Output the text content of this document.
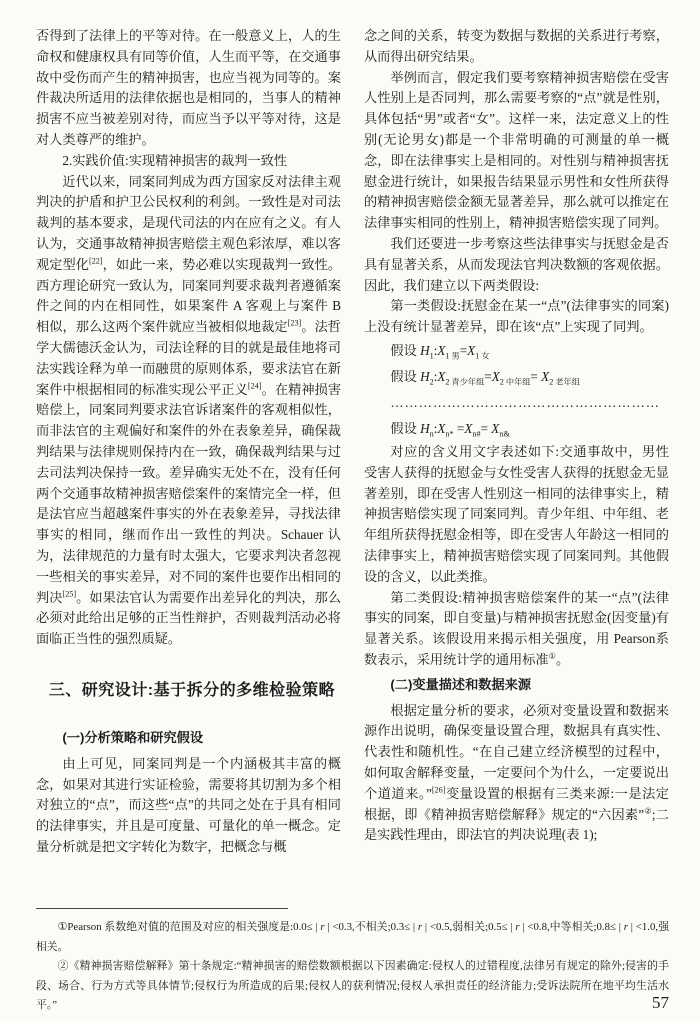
否得到了法律上的平等对待。在一般意义上，人的生命权和健康权具有同等价值，人生而平等，在交通事故中受伤而产生的精神损害，也应当视为同等的。案件裁决所适用的法律依据也是相同的，当事人的精神损害不应当被差别对待，而应当予以平等对待，这是对人类尊严的维护。

2.实践价值:实现精神损害的裁判一致性

近代以来，同案同判成为西方国家反对法律主观判决的护盾和护卫公民权利的利剑。一致性是对司法裁判的基本要求，是现代司法的内在应有之义。有人认为，交通事故精神损害赔偿主观色彩浓厚，难以客观定型化[22]，如此一来，势必难以实现裁判一致性。西方理论研究一致认为，同案同判要求裁判者遵循案件之间的内在相同性，如果案件 A 客观上与案件 B 相似，那么这两个案件就应当被相似地裁定[23]。法哲学大儒德沃金认为，司法诠释的目的就是最佳地将司法实践诠释为单一而融贯的原则体系，要求法官在新案件中根据相同的标准实现公平正义[24]。在精神损害赔偿上，同案同判要求法官诉诸案件的客观相似性，而非法官的主观偏好和案件的外在表象差异，确保裁判结果与法律规则保持内在一致，确保裁判结果与过去司法判决保持一致。差异确实无处不在，没有任何两个交通事故精神损害赔偿案件的案情完全一样，但是法官应当超越案件事实的外在表象差异，寻找法律事实的相同，继而作出一致性的判决。Schauer 认为，法律规范的力量有时太强大，它要求判决者忽视一些相关的事实差异，对不同的案件也要作出相同的判决[25]。如果法官认为需要作出差异化的判决，那么必须对此给出足够的正当性辩护，否则裁判活动必将面临正当性的强烈质疑。

三、研究设计:基于拆分的多维检验策略
(一)分析策略和研究假设

由上可见，同案同判是一个内涵极其丰富的概念，如果对其进行实证检验，需要将其切割为多个相对独立的“点”，而这些“点”的共同之处在于具有相同的法律事实，并且是可度量、可量化的单一概念。定量分析就是把文字转化为数字，把概念与概

念之间的关系，转变为数据与数据的关系进行考察，从而得出研究结果。

举例而言，假定我们要考察精神损害赔偿在受害人性别上是否同判，那么需要考察的“点”就是性别，具体包括“男”或者“女”。这样一来，法定意义上的性别(无论男女)都是一个非常明确的可测量的单一概念，即在法律事实上是相同的。对性别与精神损害抚慰金进行统计，如果报告结果显示男性和女性所获得的精神损害赔偿金额无显著差异，那么就可以推定在法律事实相同的性别上，精神损害赔偿实现了同判。

我们还要进一步考察这些法律事实与抚慰金是否具有显著关系，从而发现法官判决数额的客观依据。因此，我们建立以下两类假设:

第一类假设:抚慰金在某一“点”(法律事实的同案)上没有统计显著差异，即在该“点”上实现了同判。

假设 $H_1:X_{1 男}=X_{1 女}$
假设 $H_2:X_{2 青少年组}=X_{2 中年组}= X_{2 老年组}$
…………………………………………………
假设 $H_n:X_{n*} =X_{n\#}= X_{n\&}$

对应的含义用文字表述如下:交通事故中，男性受害人获得的抚慰金与女性受害人获得的抚慰金无显著差别，即在受害人性别这一相同的法律事实上，精神损害赔偿实现了同案同判。青少年组、中年组、老年组所获得抚慰金相等，即在受害人年龄这一相同的法律事实上，精神损害赔偿实现了同案同判。其他假设的含义，以此类推。

第二类假设:精神损害赔偿案件的某一“点”(法律事实的同案，即自变量)与精神损害抚慰金(因变量)有显著关系。该假设用来揭示相关强度，用 Pearson系数表示，采用统计学的通用标准①。

(二)变量描述和数据来源

根据定量分析的要求，必须对变量设置和数据来源作出说明，确保变量设置合理，数据具有真实性、代表性和随机性。“在自己建立经济模型的过程中，如何取舍解释变量，一定要问个为什么，一定要说出个道道来。”[26]变量设置的根据有三类来源:一是法定根据，即《精神损害赔偿解释》规定的“六因素”②;二是实践性理由，即法官的判决说理(表 1);

①Pearson 系数绝对值的范围及对应的相关强度是:0.0≤ | r | <0.3,不相关;0.3≤ | r | <0.5,弱相关;0.5≤ | r | <0.8,中等相关;0.8≤ | r | <1.0,强相关。

②《精神损害赔偿解释》第十条规定:“精神损害的赔偿数额根据以下因素确定:侵权人的过错程度,法律另有规定的除外;侵害的手段、场合、行为方式等具体情节;侵权行为所造成的后果;侵权人的获利情况;侵权人承担责任的经济能力;受诉法院所在地平均生活水平。”	57
